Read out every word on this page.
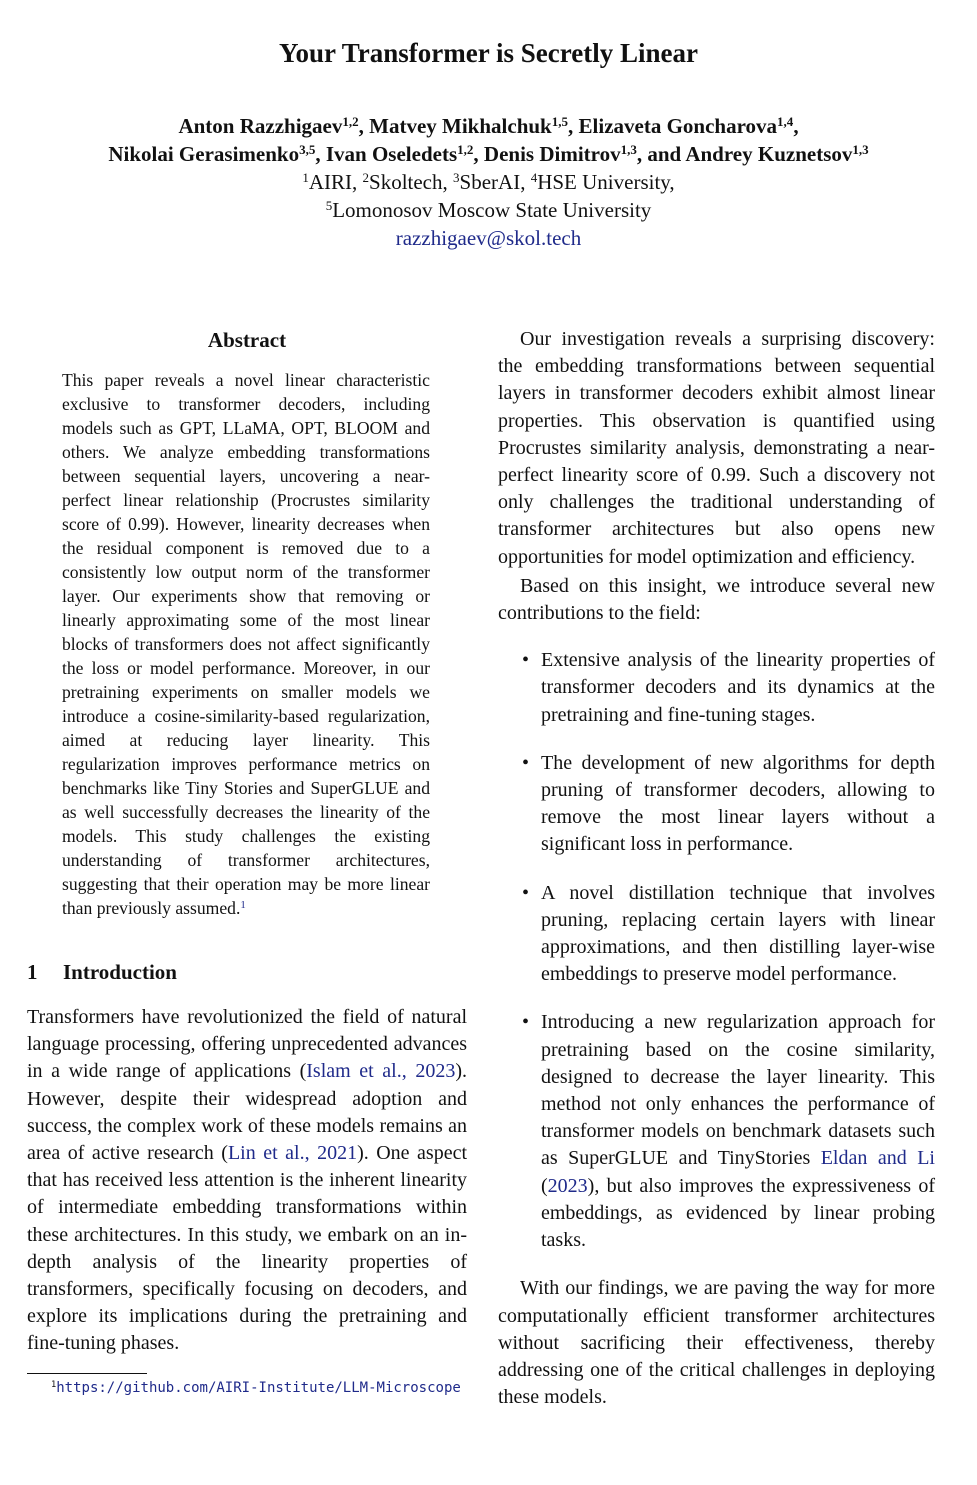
Your Transformer is Secretly Linear
Anton Razzhigaev$^{1,2}$, Matvey Mikhalchuk$^{1,5}$, Elizaveta Goncharova$^{1,4}$,
Nikolai Gerasimenko$^{3,5}$, Ivan Oseledets$^{1,2}$, Denis Dimitrov$^{1,3}$, and Andrey Kuznetsov$^{1,3}$
$^1$AIRI, $^2$Skoltech, $^3$SberAI, $^4$HSE University,
$^5$Lomonosov Moscow State University
razzhigaev@skol.tech
Abstract
This paper reveals a novel linear characteristic exclusive to transformer decoders, including models such as GPT, LLaMA, OPT, BLOOM and others. We analyze embedding transformations between sequential layers, uncovering a near-perfect linear relationship (Procrustes similarity score of 0.99). However, linearity decreases when the residual component is removed due to a consistently low output norm of the transformer layer. Our experiments show that removing or linearly approximating some of the most linear blocks of transformers does not affect significantly the loss or model performance. Moreover, in our pretraining experiments on smaller models we introduce a cosine-similarity-based regularization, aimed at reducing layer linearity. This regularization improves performance metrics on benchmarks like Tiny Stories and SuperGLUE and as well successfully decreases the linearity of the models. This study challenges the existing understanding of transformer architectures, suggesting that their operation may be more linear than previously assumed.$^1$
1 Introduction

Transformers have revolutionized the field of natural language processing, offering unprecedented advances in a wide range of applications (Islam et al., 2023). However, despite their widespread adoption and success, the complex work of these models remains an area of active research (Lin et al., 2021). One aspect that has received less attention is the inherent linearity of intermediate embedding transformations within these architectures. In this study, we embark on an in-depth analysis of the linearity properties of transformers, specifically focusing on decoders, and explore its implications during the pretraining and fine-tuning phases.

$^1$https://github.com/AIRI-Institute/LLM-Microscope

Our investigation reveals a surprising discovery: the embedding transformations between sequential layers in transformer decoders exhibit almost linear properties. This observation is quantified using Procrustes similarity analysis, demonstrating a near-perfect linearity score of 0.99. Such a discovery not only challenges the traditional understanding of transformer architectures but also opens new opportunities for model optimization and efficiency.

Based on this insight, we introduce several new contributions to the field:

• Extensive analysis of the linearity properties of transformer decoders and its dynamics at the pretraining and fine-tuning stages.
• The development of new algorithms for depth pruning of transformer decoders, allowing to remove the most linear layers without a significant loss in performance.
• A novel distillation technique that involves pruning, replacing certain layers with linear approximations, and then distilling layer-wise embeddings to preserve model performance.
• Introducing a new regularization approach for pretraining based on the cosine similarity, designed to decrease the layer linearity. This method not only enhances the performance of transformer models on benchmark datasets such as SuperGLUE and TinyStories Eldan and Li (2023), but also improves the expressiveness of embeddings, as evidenced by linear probing tasks.

With our findings, we are paving the way for more computationally efficient transformer architectures without sacrificing their effectiveness, thereby addressing one of the critical challenges in deploying these models.
